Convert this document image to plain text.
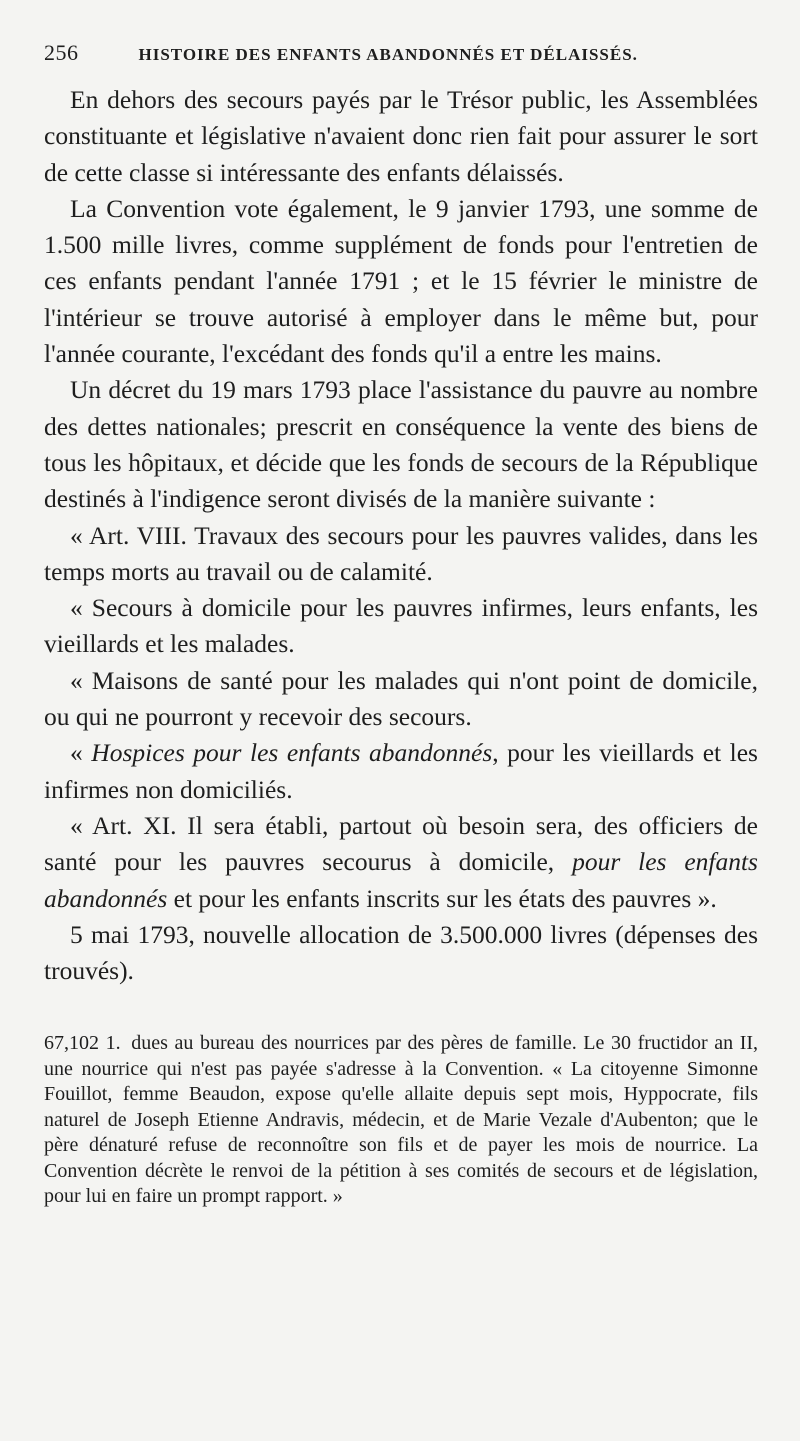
256	HISTOIRE DES ENFANTS ABANDONNÉS ET DÉLAISSÉS.

En dehors des secours payés par le Trésor public, les Assemblées constituante et législative n'avaient donc rien fait pour assurer le sort de cette classe si intéressante des enfants délaissés.

La Convention vote également, le 9 janvier 1793, une somme de 1.500 mille livres, comme supplément de fonds pour l'entretien de ces enfants pendant l'année 1791 ; et le 15 février le ministre de l'intérieur se trouve autorisé à employer dans le même but, pour l'année courante, l'excédant des fonds qu'il a entre les mains.

Un décret du 19 mars 1793 place l'assistance du pauvre au nombre des dettes nationales; prescrit en conséquence la vente des biens de tous les hôpitaux, et décide que les fonds de secours de la République destinés à l'indigence seront divisés de la manière suivante :

« Art. VIII. Travaux des secours pour les pauvres valides, dans les temps morts au travail ou de calamité.

« Secours à domicile pour les pauvres infirmes, leurs enfants, les vieillards et les malades.

« Maisons de santé pour les malades qui n'ont point de domicile, ou qui ne pourront y recevoir des secours.

« Hospices pour les enfants abandonnés, pour les vieillards et les infirmes non domiciliés.

« Art. XI. Il sera établi, partout où besoin sera, des officiers de santé pour les pauvres secourus à domicile, pour les enfants abandonnés et pour les enfants inscrits sur les états des pauvres ».

5 mai 1793, nouvelle allocation de 3.500.000 livres (dépenses des trouvés).

67,102 1. dues au bureau des nourrices par des pères de famille. Le 30 fructidor an II, une nourrice qui n'est pas payée s'adresse à la Convention. « La citoyenne Simonne Fouillot, femme Beaudon, expose qu'elle allaite depuis sept mois, Hyppocrate, fils naturel de Joseph Etienne Andravis, médecin, et de Marie Vezale d'Aubenton; que le père dénaturé refuse de reconnoître son fils et de payer les mois de nourrice. La Convention décrète le renvoi de la pétition à ses comités de secours et de législation, pour lui en faire un prompt rapport. »
